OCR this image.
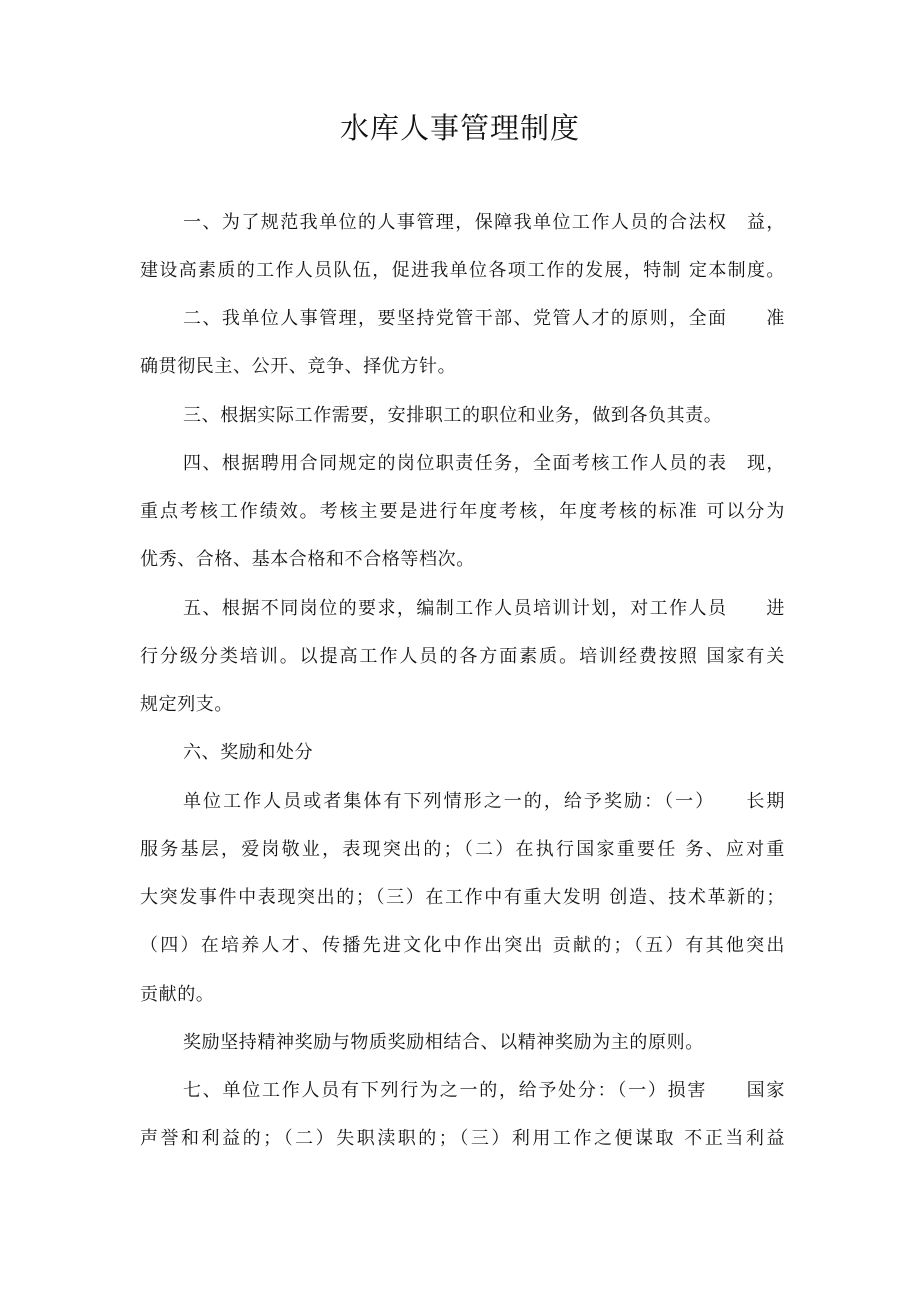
水库人事管理制度
一、为了规范我单位的人事管理，保障我单位工作人员的合法权　益，
建设高素质的工作人员队伍，促进我单位各项工作的发展，特制 定本制度。
二、我单位人事管理，要坚持党管干部、党管人才的原则，全面　　准
确贯彻民主、公开、竞争、择优方针。
三、根据实际工作需要，安排职工的职位和业务，做到各负其责。
四、根据聘用合同规定的岗位职责任务，全面考核工作人员的表　现，
重点考核工作绩效。考核主要是进行年度考核，年度考核的标准 可以分为
优秀、合格、基本合格和不合格等档次。
五、根据不同岗位的要求，编制工作人员培训计划，对工作人员　　进
行分级分类培训。以提高工作人员的各方面素质。培训经费按照 国家有关
规定列支。
六、奖励和处分
单位工作人员或者集体有下列情形之一的，给予奖励：（一）　　长期
服务基层，爱岗敬业，表现突出的；（二）在执行国家重要任 务、应对重
大突发事件中表现突出的；（三）在工作中有重大发明 创造、技术革新的；
（四）在培养人才、传播先进文化中作出突出 贡献的；（五）有其他突出
贡献的。
奖励坚持精神奖励与物质奖励相结合、以精神奖励为主的原则。
七、单位工作人员有下列行为之一的，给予处分：（一）损害　　国家
声誉和利益的；（二）失职渎职的；（三）利用工作之便谋取 不正当利益
